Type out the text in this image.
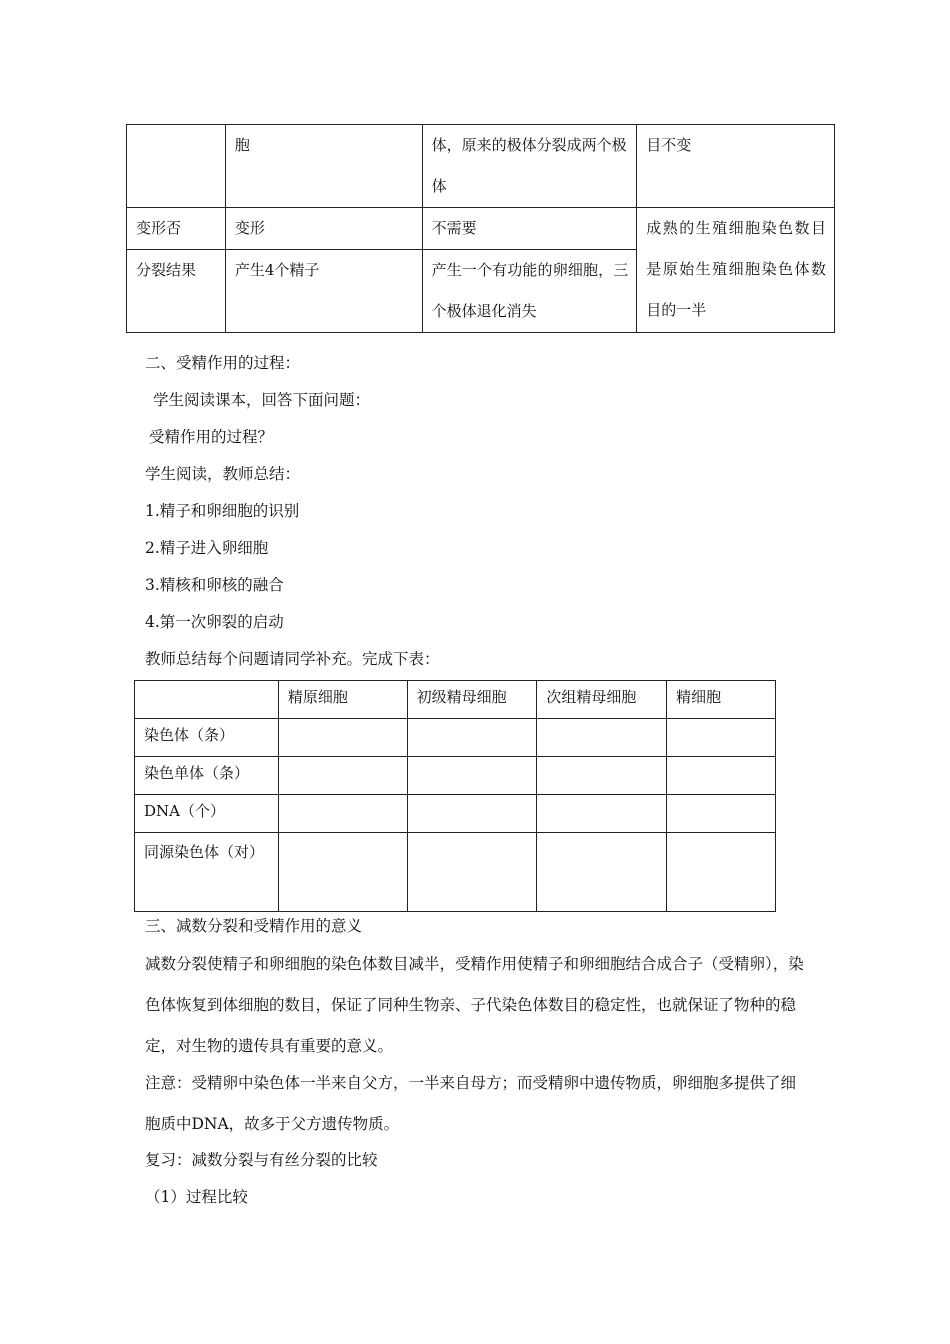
	胞	体，原来的极体分裂成两个极体	目不变
变形否	变形	不需要	成熟的生殖细胞染色数目是原始生殖细胞染色体数目的一半
分裂结果	产生4个精子	产生一个有功能的卵细胞，三个极体退化消失	

二、受精作用的过程：

学生阅读课本，回答下面问题：

受精作用的过程？

学生阅读，教师总结：

1.精子和卵细胞的识别

2.精子进入卵细胞

3.精核和卵核的融合

4.第一次卵裂的启动

教师总结每个问题请同学补充。完成下表：

	精原细胞	初级精母细胞	次组精母细胞	精细胞
染色体（条）				
染色单体（条）				
DNA（个）				
同源染色体（对）				

三、减数分裂和受精作用的意义

减数分裂使精子和卵细胞的染色体数目减半，受精作用使精子和卵细胞结合成合子（受精卵），染色体恢复到体细胞的数目，保证了同种生物亲、子代染色体数目的稳定性，也就保证了物种的稳定，对生物的遗传具有重要的意义。

注意：受精卵中染色体一半来自父方，一半来自母方；而受精卵中遗传物质，卵细胞多提供了细胞质中DNA，故多于父方遗传物质。

复习：减数分裂与有丝分裂的比较

（1）过程比较
